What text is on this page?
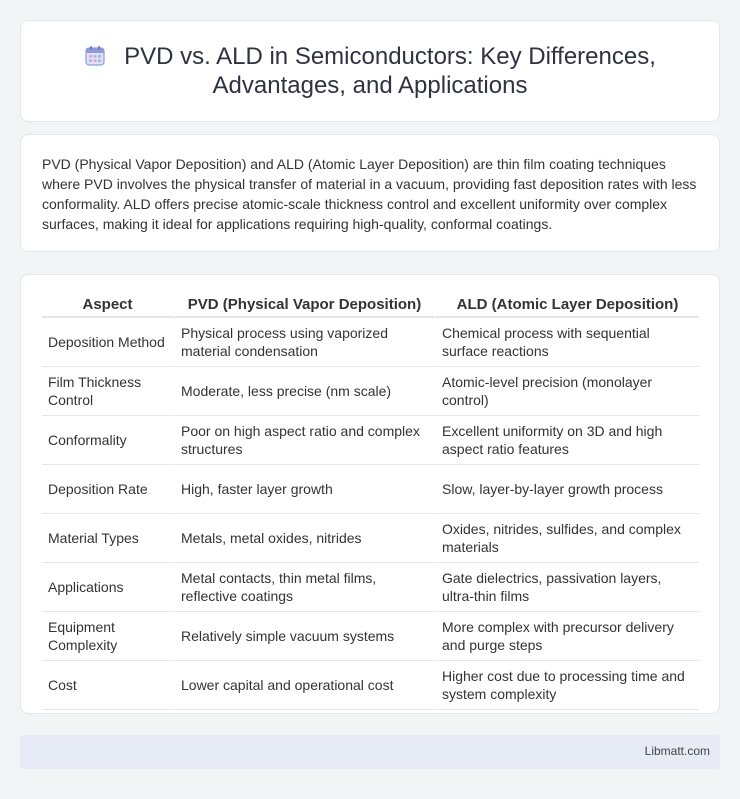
PVD vs. ALD in Semiconductors: Key Differences, Advantages, and Applications

PVD (Physical Vapor Deposition) and ALD (Atomic Layer Deposition) are thin film coating techniques where PVD involves the physical transfer of material in a vacuum, providing fast deposition rates with less conformality. ALD offers precise atomic-scale thickness control and excellent uniformity over complex surfaces, making it ideal for applications requiring high-quality, conformal coatings.

Aspect	PVD (Physical Vapor Deposition)	ALD (Atomic Layer Deposition)
Deposition Method	Physical process using vaporized material condensation	Chemical process with sequential surface reactions
Film Thickness Control	Moderate, less precise (nm scale)	Atomic-level precision (monolayer control)
Conformality	Poor on high aspect ratio and complex structures	Excellent uniformity on 3D and high aspect ratio features
Deposition Rate	High, faster layer growth	Slow, layer-by-layer growth process
Material Types	Metals, metal oxides, nitrides	Oxides, nitrides, sulfides, and complex materials
Applications	Metal contacts, thin metal films, reflective coatings	Gate dielectrics, passivation layers, ultra-thin films
Equipment Complexity	Relatively simple vacuum systems	More complex with precursor delivery and purge steps
Cost	Lower capital and operational cost	Higher cost due to processing time and system complexity
Libmatt.com
